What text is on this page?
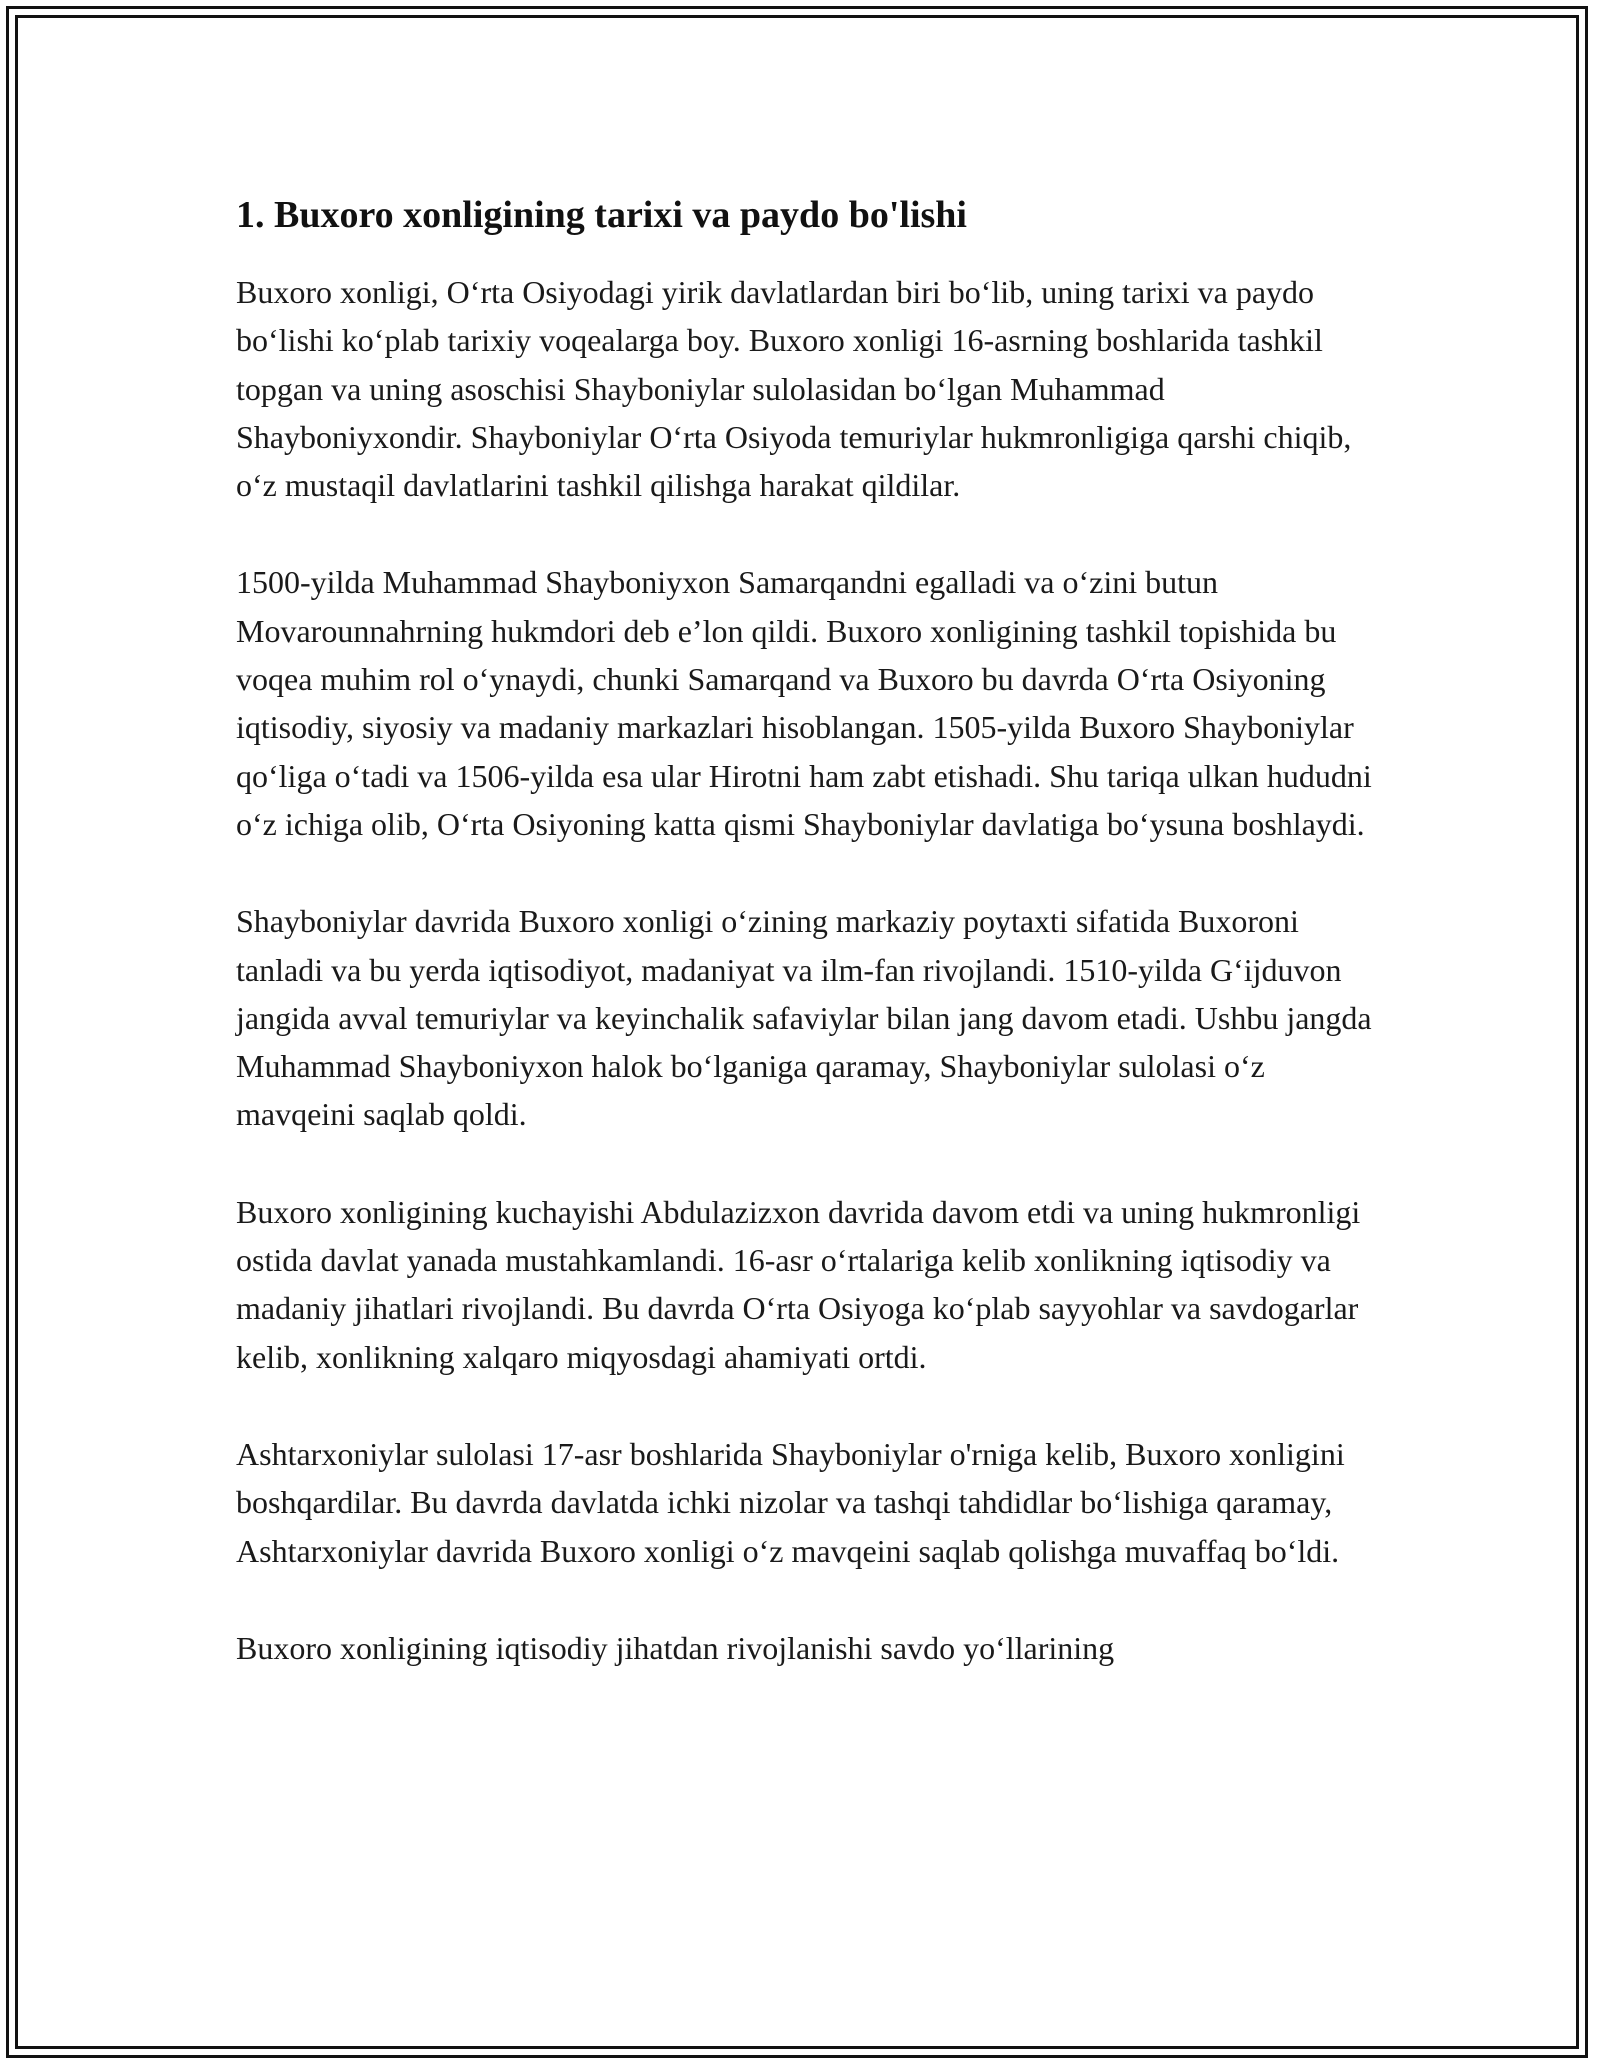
1. Buxoro xonligining tarixi va paydo bo'lishi

Buxoro xonligi, O‘rta Osiyodagi yirik davlatlardan biri bo‘lib, uning tarixi va paydo bo‘lishi ko‘plab tarixiy voqealarga boy. Buxoro xonligi 16-asrning boshlarida tashkil topgan va uning asoschisi Shayboniylar sulolasidan bo‘lgan Muhammad Shayboniyxondir. Shayboniylar O‘rta Osiyoda temuriylar hukmronligiga qarshi chiqib, o‘z mustaqil davlatlarini tashkil qilishga harakat qildilar.

1500-yilda Muhammad Shayboniyxon Samarqandni egalladi va o‘zini butun Movarounnahrning hukmdori deb e’lon qildi. Buxoro xonligining tashkil topishida bu voqea muhim rol o‘ynaydi, chunki Samarqand va Buxoro bu davrda O‘rta Osiyoning iqtisodiy, siyosiy va madaniy markazlari hisoblangan. 1505-yilda Buxoro Shayboniylar qo‘liga o‘tadi va 1506-yilda esa ular Hirotni ham zabt etishadi. Shu tariqa ulkan hududni o‘z ichiga olib, O‘rta Osiyoning katta qismi Shayboniylar davlatiga bo‘ysuna boshlaydi.

Shayboniylar davrida Buxoro xonligi o‘zining markaziy poytaxti sifatida Buxoroni tanladi va bu yerda iqtisodiyot, madaniyat va ilm-fan rivojlandi. 1510-yilda G‘ijduvon jangida avval temuriylar va keyinchalik safaviylar bilan jang davom etadi. Ushbu jangda Muhammad Shayboniyxon halok bo‘lganiga qaramay, Shayboniylar sulolasi o‘z mavqeini saqlab qoldi.

Buxoro xonligining kuchayishi Abdulazizxon davrida davom etdi va uning hukmronligi ostida davlat yanada mustahkamlandi. 16-asr o‘rtalariga kelib xonlikning iqtisodiy va madaniy jihatlari rivojlandi. Bu davrda O‘rta Osiyoga ko‘plab sayyohlar va savdogarlar kelib, xonlikning xalqaro miqyosdagi ahamiyati ortdi.

Ashtarxoniylar sulolasi 17-asr boshlarida Shayboniylar o'rniga kelib, Buxoro xonligini boshqardilar. Bu davrda davlatda ichki nizolar va tashqi tahdidlar bo‘lishiga qaramay, Ashtarxoniylar davrida Buxoro xonligi o‘z mavqeini saqlab qolishga muvaffaq bo‘ldi.

Buxoro xonligining iqtisodiy jihatdan rivojlanishi savdo yo‘llarining
